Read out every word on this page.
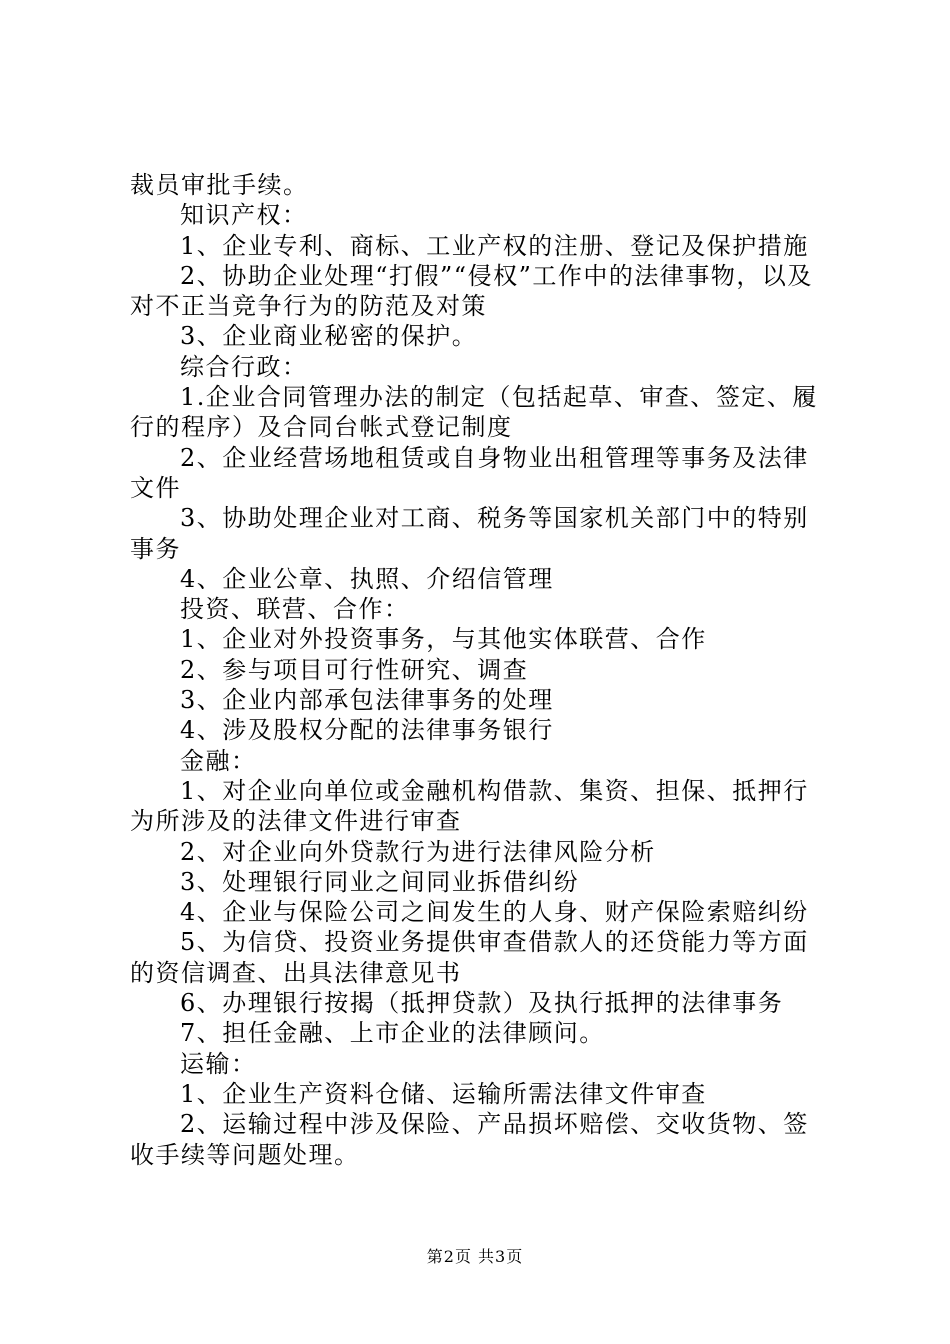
裁员审批手续。

知识产权：

1、企业专利、商标、工业产权的注册、登记及保护措施

2、协助企业处理“打假”“侵权”工作中的法律事物，以及对不正当竞争行为的防范及对策

3、企业商业秘密的保护。

综合行政：

1.企业合同管理办法的制定（包括起草、审查、签定、履行的程序）及合同台帐式登记制度

2、企业经营场地租赁或自身物业出租管理等事务及法律文件

3、协助处理企业对工商、税务等国家机关部门中的特别事务

4、企业公章、执照、介绍信管理

投资、联营、合作：

1、企业对外投资事务，与其他实体联营、合作

2、参与项目可行性研究、调查

3、企业内部承包法律事务的处理

4、涉及股权分配的法律事务银行

金融：

1、对企业向单位或金融机构借款、集资、担保、抵押行为所涉及的法律文件进行审查

2、对企业向外贷款行为进行法律风险分析

3、处理银行同业之间同业拆借纠纷

4、企业与保险公司之间发生的人身、财产保险索赔纠纷

5、为信贷、投资业务提供审查借款人的还贷能力等方面的资信调查、出具法律意见书

6、办理银行按揭（抵押贷款）及执行抵押的法律事务

7、担任金融、上市企业的法律顾问。

运输：

1、企业生产资料仓储、运输所需法律文件审查

2、运输过程中涉及保险、产品损坏赔偿、交收货物、签收手续等问题处理。

第2页 共3页
